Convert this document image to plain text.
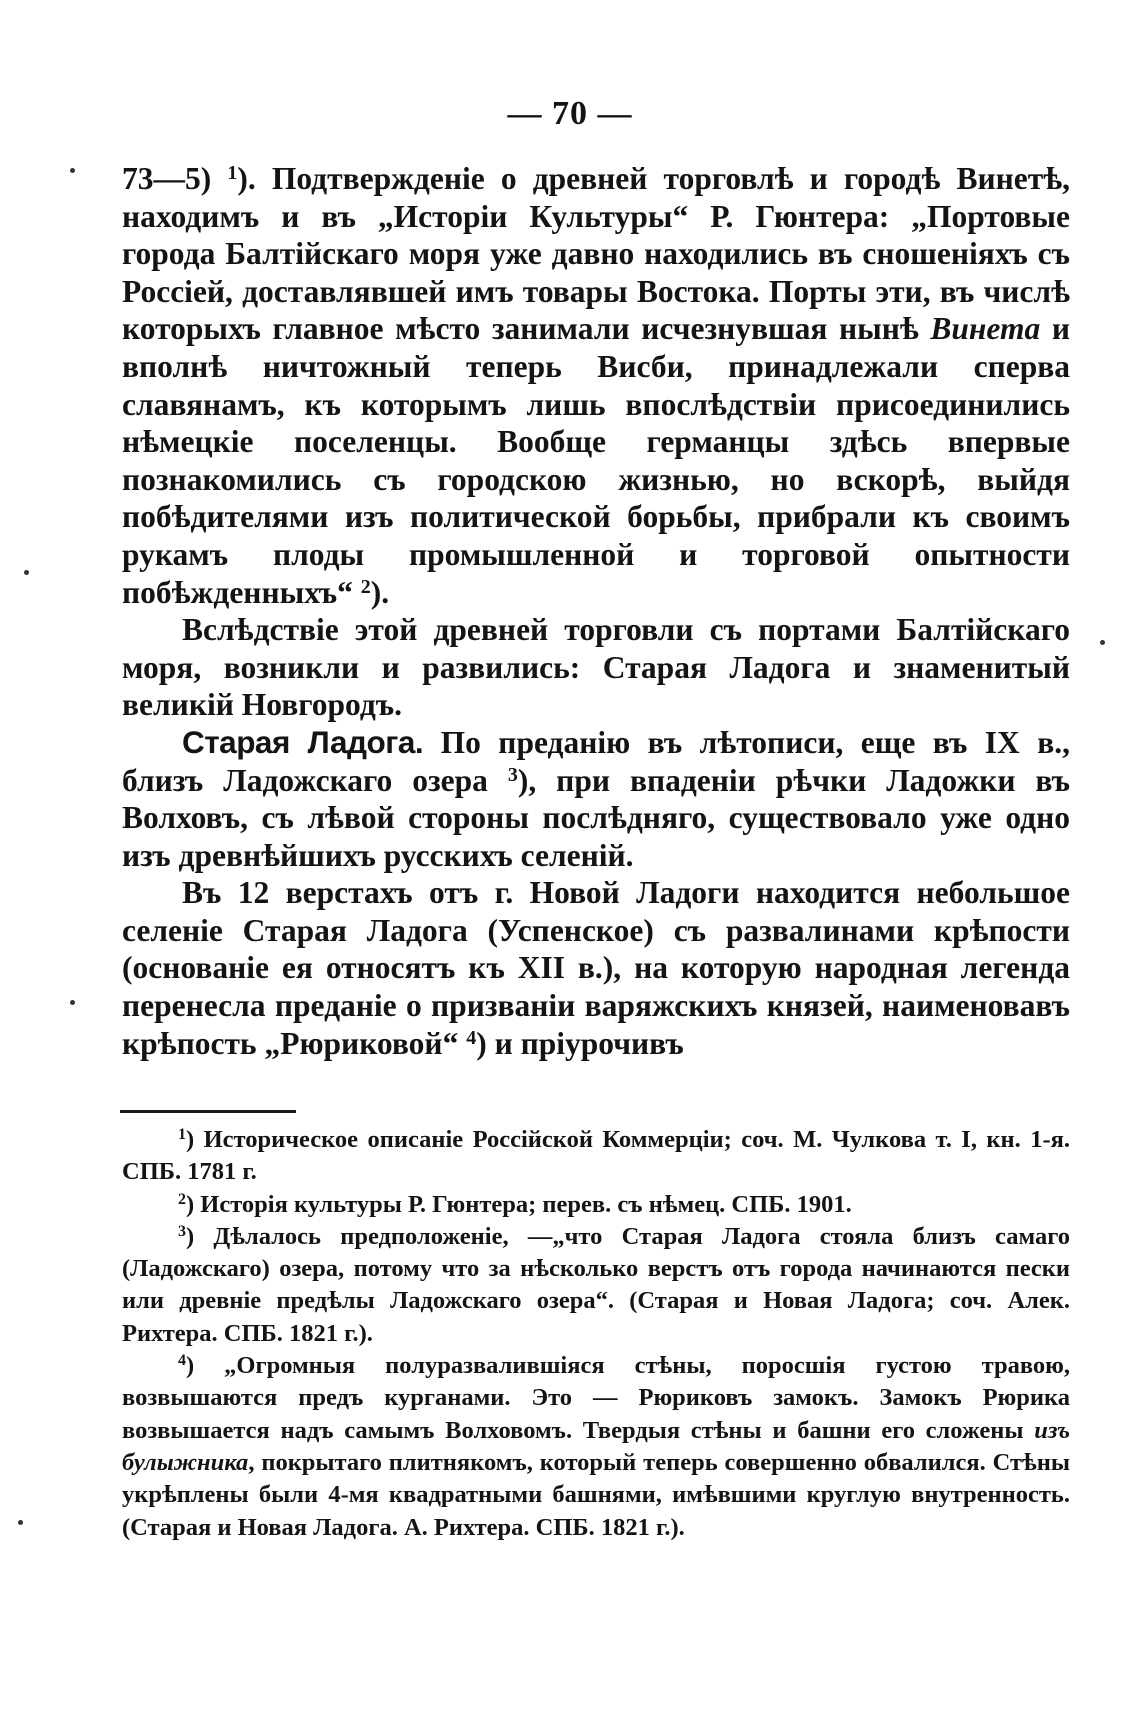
— 70 —

73—5) $^1$). Подтвержденіе о древней торговлѣ и городѣ Винетѣ, находимъ и въ „Исторіи Культуры“ Р. Гюнтера: „Портовые города Балтійскаго моря уже давно находились въ сношеніяхъ съ Россіей, доставлявшей имъ товары Востока. Порты эти, въ числѣ которыхъ главное мѣсто занимали исчезнувшая нынѣ Винета и вполнѣ ничтожный теперь Висби, принадлежали сперва славянамъ, къ которымъ лишь впослѣдствіи присоединились нѣмецкіе поселенцы. Вообще германцы здѣсь впервые познакомились съ городскою жизнью, но вскорѣ, выйдя побѣдителями изъ политической борьбы, прибрали къ своимъ рукамъ плоды промышленной и торговой опытности побѣжденныхъ“ $^2$).

Вслѣдствіе этой древней торговли съ портами Балтійскаго моря, возникли и развились: Старая Ладога и знаменитый великій Новгородъ.

Старая Ладога. По преданію въ лѣтописи, еще въ IX в., близъ Ладожскаго озера $^3$), при впаденіи рѣчки Ладожки въ Волховъ, съ лѣвой стороны послѣдняго, существовало уже одно изъ древнѣйшихъ русскихъ селеній.

Въ 12 верстахъ отъ г. Новой Ладоги находится небольшое селеніе Старая Ладога (Успенское) съ развалинами крѣпости (основаніе ея относятъ къ XII в.), на которую народная легенда перенесла преданіе о призваніи варяжскихъ князей, наименовавъ крѣпость „Рюриковой“ $^4$) и пріурочивъ

$^1$) Историческое описаніе Россійской Коммерціи; соч. М. Чулкова т. I, кн. 1-я. СПБ. 1781 г.

$^2$) Исторія культуры Р. Гюнтера; перев. съ нѣмец. СПБ. 1901.

$^3$) Дѣлалось предположеніе, —„что Старая Ладога стояла близъ самаго (Ладожскаго) озера, потому что за нѣсколько верстъ отъ города начинаются пески или древніе предѣлы Ладожскаго озера“. (Старая и Новая Ладога; соч. Алек. Рихтера. СПБ. 1821 г.).

$^4$) „Огромныя полуразвалившіяся стѣны, поросшія густою травою, возвышаются предъ курганами. Это — Рюриковъ замокъ. Замокъ Рюрика возвышается надъ самымъ Волховомъ. Твердыя стѣны и башни его сложены изъ булыжника, покрытаго плитнякомъ, который теперь совершенно обвалился. Стѣны укрѣплены были 4-мя квадратными башнями, имѣвшими круглую внутренность. (Старая и Новая Ладога. А. Рихтера. СПБ. 1821 г.).
